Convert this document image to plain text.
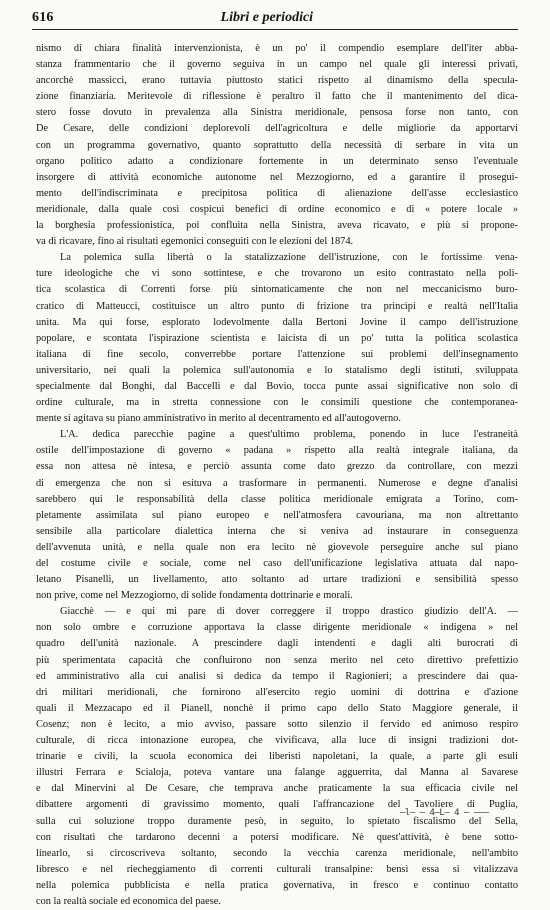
616	Libri e periodici
nismo di chiara finalità intervenzionista, è un po' il compendio esemplare dell'iter abba-
stanza frammentario che il governo seguiva in un campo nel quale gli interessi privati,
ancorchè massicci, erano tuttavia piuttosto statici rispetto al dinamismo della specula-
zione finanziaria. Meritevole di riflessione è peraltro il fatto che il mantenimento del dica-
stero fosse dovuto in prevalenza alla Sinistra meridionale, pensosa forse non tanto, con
De Cesare, delle condizioni deplorevoli dell'agricoltura e delle migliorie da apportarvi
con un programma governativo, quanto soprattutto della necessità di serbare in vita un
organo politico adatto a condizionare fortemente in un determinato senso l'eventuale
insorgere di attività economiche autonome nel Mezzogiorno, ed a garantire il prosegui-
mento dell'indiscriminata e precipitosa politica di alienazione dell'asse ecclesiastico
meridionale, dalla quale così cospicui benefici di ordine economico e di « potere locale »
la borghesia professionistica, poi confluita nella Sinistra, aveva ricavato, e più si propone-
va di ricavare, fino ai risultati egemonici conseguiti con le elezioni del 1874.
La polemica sulla libertà o la statalizzazione dell'istruzione, con le fortissime vena-
ture ideologiche che vi sono sottintese, e che trovarono un esito contrastato nella poli-
tica scolastica di Correnti forse più sintomaticamente che non nel meccanicismo buro-
cratico di Matteucci, costituisce un altro punto di frizione tra princìpi e realtà nell'Italia
unita. Ma qui forse, esplorato lodevolmente dalla Bertoni Jovine il campo dell'istruzione
popolare, e scontata l'ispirazione scientista e laicista di un po' tutta la politica scolastica
italiana di fine secolo, converrebbe portare l'attenzione sui problemi dell'insegnamento
universitario, nei quali la polemica sull'autonomia e lo statalismo degli istituti, sviluppata
specialmente dal Bonghi, dal Baccelli e dal Bovio, tocca punte assai significative non solo di
ordine culturale, ma in stretta connessione con le consimili questione che contemporanea-
mente si agitava su piano amministrativo in merito al decentramento ed all'autogoverno.
L'A. dedica parecchie pagine a quest'ultimo problema, ponendo in luce l'estraneità
ostile dell'impostazione di governo « padana » rispetto alla realtà integrale italiana, da
essa non attesa nè intesa, e perciò assunta come dato grezzo da controllare, con mezzi
di emergenza che non si esituva a trasformare in permanenti. Numerose e degne d'analisi
sarebbero qui le responsabilità della classe politica meridionale emigrata a Torino, com-
pletamente assimilata sul piano europeo e nell'atmosfera cavouriana, ma non altrettanto
sensibile alla particolare dialettica interna che si veniva ad instaurare in conseguenza
dell'avvenuta unità, e nella quale non era lecito nè giovevole perseguire anche sul piano
del costume civile e sociale, come nel caso dell'unificazione legislativa attuata dal napo-
letano Pisanelli, un livellamento, atto soltanto ad urtare tradizioni e sensibilità spesso
non prive, come nel Mezzogiorno, di solide fondamenta dottrinarie e morali.
Giacchè — e qui mi pare di dover correggere il troppo drastico giudizio dell'A. —
non solo ombre e corruzione apportava la classe dirigente meridionale « indigena » nel
quadro dell'unità nazionale. A prescindere dagli intendenti e dagli alti burocrati di
più sperimentata capacità che confluirono non senza merito nel ceto direttivo prefettizio
ed amministrativo alla cui analisi si dedica da tempo il Ragionieri; a prescindere dai qua-
dri militari meridionali, che fornirono all'esercito regio uomini di dottrina e d'azione
quali il Mezzacapo ed il Pianell, nonchè il primo capo dello Stato Maggiore generale, il
Cosenz; non è lecito, a mio avviso, passare sotto silenzio il fervido ed animoso respiro
culturale, di ricca intonazione europea, che vivificava, alla luce di insigni tradizioni dot-
trinarie e civili, la scuola economica dei liberisti napoletani, la quale, a parte gli esuli
illustri Ferrara e Scialoja, poteva vantare una falange agguerrita, dal Manna al Savarese
e dal Minervini al De Cesare, che temprava anche praticamente la sua efficacia civile nel
dibattere argomenti di gravissimo momento, quali l'affrancazione del Tavoliere di Puglia,
sulla cui soluzione troppo duramente pesò, in seguito, lo spietato fiscalismo del Sella,
con risultati che tardarono decenni a potersi modificare. Nè quest'attività, è bene sotto-
linearlo, si circoscriveva soltanto, secondo la vecchia carenza meridionale, nell'ambito
libresco e nel riecheggiamento di correnti culturali transalpine: bensì essa si vitalizzava
nella polemica pubblicista e nella pratica governativa, in fresco e continuo contatto
con la realtà sociale ed economica del paese.
—l— — 4—L— 4 — ———
